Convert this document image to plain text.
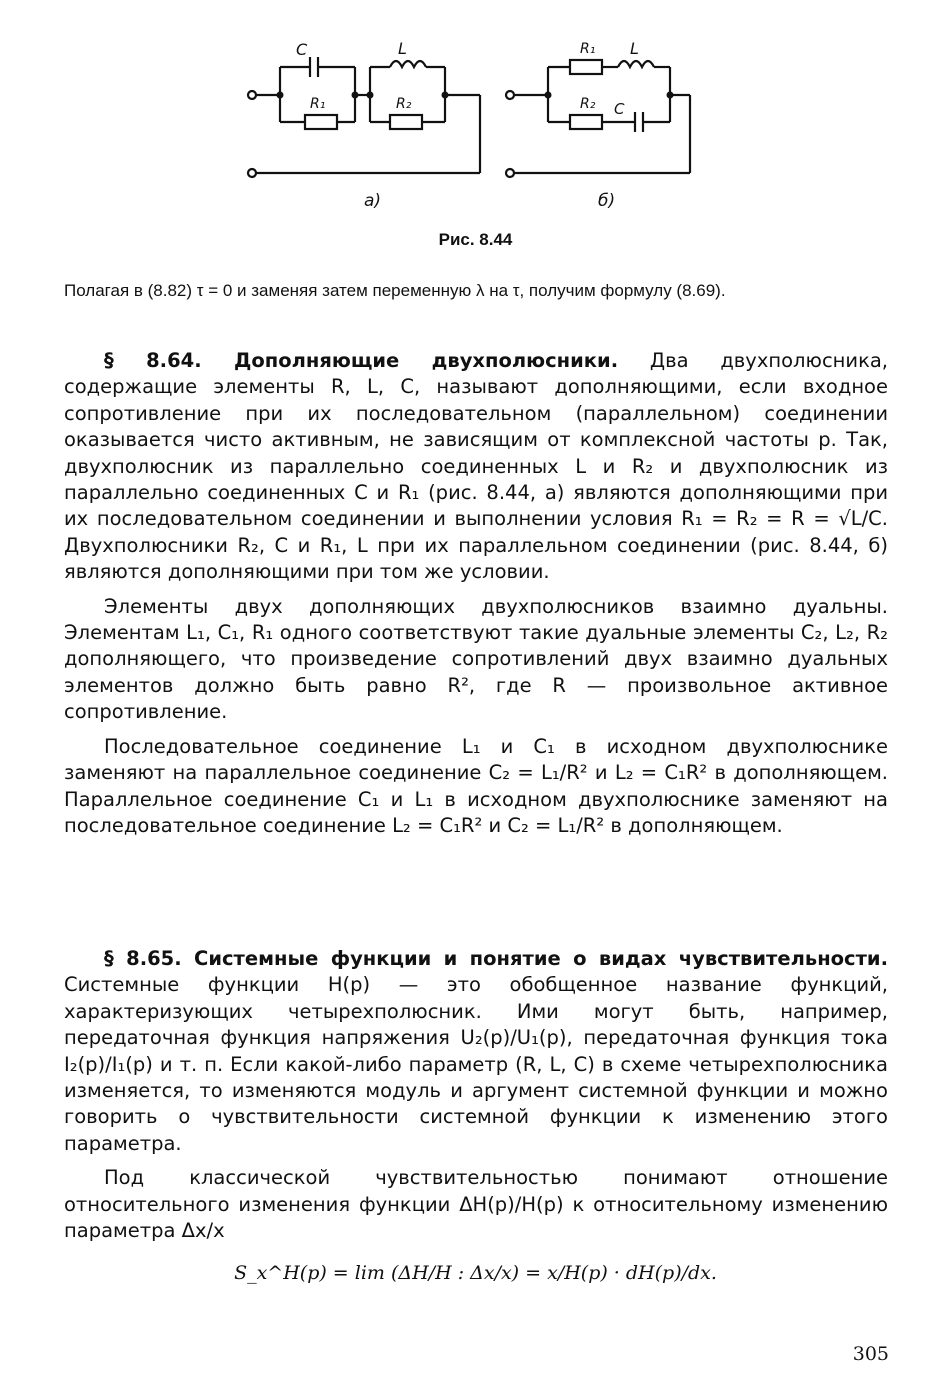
C	L
R₁	R₂
R₁ L
R₂ C
а)	б)
Рис. 8.44
Полагая в (8.82) τ = 0 и заменяя затем переменную λ на τ, получим формулу (8.69).

§ 8.64. Дополняющие двухполюсники. Два двухполюсника, содержащие элементы R, L, C, называют дополняющими, если входное сопротивление при их последовательном (параллельном) соединении оказывается чисто активным, не зависящим от комплексной частоты p. Так, двухполюсник из параллельно соединенных L и R₂ и двухполюсник из параллельно соединенных C и R₁ (рис. 8.44, а) являются дополняющими при их последовательном соединении и выполнении условия R₁ = R₂ = R = √L/C. Двухполюсники R₂, C и R₁, L при их параллельном соединении (рис. 8.44, б) являются дополняющими при том же условии.

Элементы двух дополняющих двухполюсников взаимно дуальны. Элементам L₁, C₁, R₁ одного соответствуют такие дуальные элементы C₂, L₂, R₂ дополняющего, что произведение сопротивлений двух взаимно дуальных элементов должно быть равно R², где R — произвольное активное сопротивление.

Последовательное соединение L₁ и C₁ в исходном двухполюснике заменяют на параллельное соединение C₂ = L₁/R² и L₂ = C₁R² в дополняющем. Параллельное соединение C₁ и L₁ в исходном двухполюснике заменяют на последовательное соединение L₂ = C₁R² и C₂ = L₁/R² в дополняющем.

§ 8.65. Системные функции и понятие о видах чувствительности. Системные функции H(p) — это обобщенное название функций, характеризующих четырехполюсник. Ими могут быть, например, передаточная функция напряжения U₂(p)/U₁(p), передаточная функция тока I₂(p)/I₁(p) и т. п. Если какой-либо параметр (R, L, C) в схеме четырехполюсника изменяется, то изменяются модуль и аргумент системной функции и можно говорить о чувствительности системной функции к изменению этого параметра.

Под классической чувствительностью понимают отношение относительного изменения функции ΔH(p)/H(p) к относительному изменению параметра Δx/x

S_x^H(p) = lim (ΔH/H : Δx/x) = x/H(p) · dH(p)/dx.
305
